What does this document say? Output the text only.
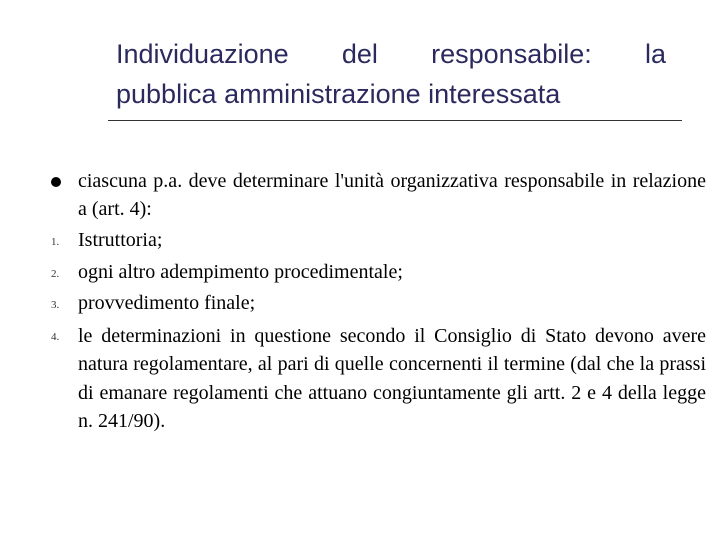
Individuazione del responsabile: la
pubblica amministrazione interessata
ciascuna p.a. deve determinare l'unità organizzativa responsabile in relazione a (art. 4):
1. Istruttoria;
2. ogni altro adempimento procedimentale;
3. provvedimento finale;
4. le determinazioni in questione secondo il Consiglio di Stato devono avere natura regolamentare, al pari di quelle concernenti il termine (dal che la prassi di emanare regolamenti che attuano congiuntamente gli artt. 2 e 4 della legge n. 241/90).
